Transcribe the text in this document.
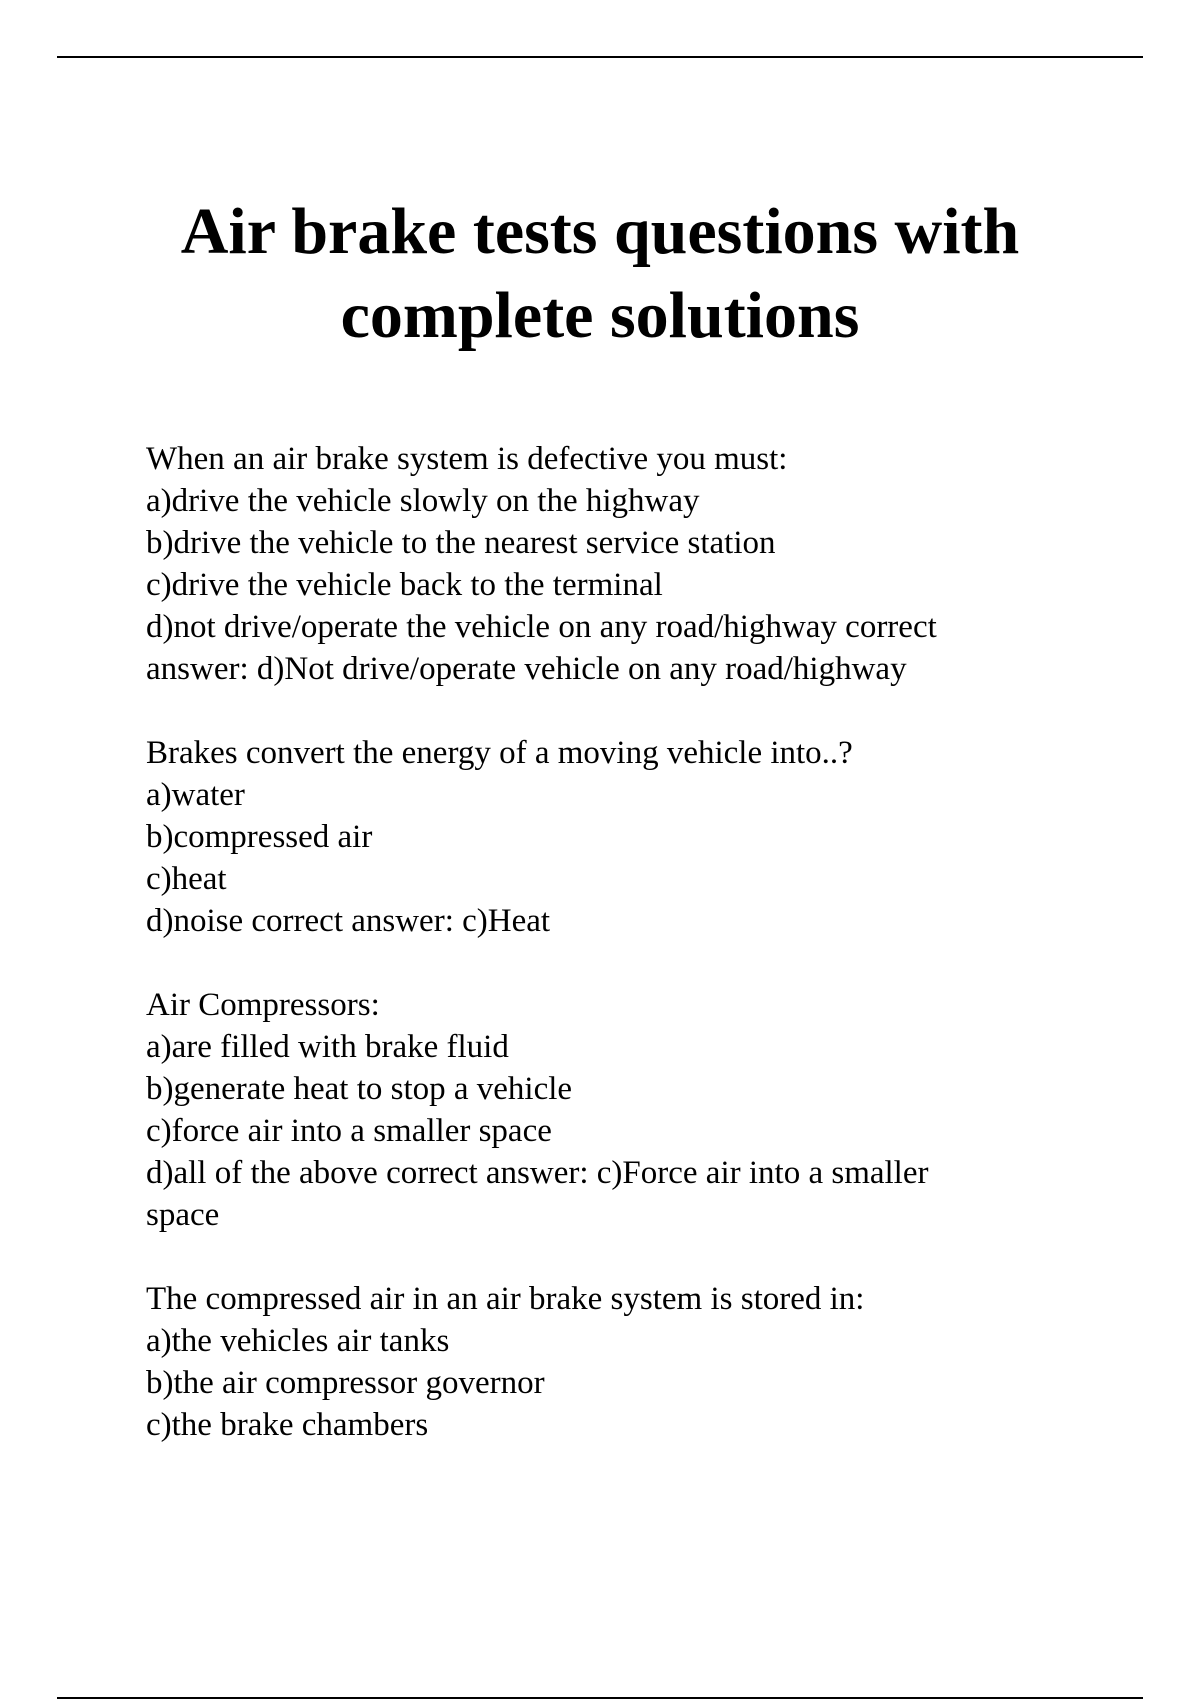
Air brake tests questions with
complete solutions
When an air brake system is defective you must:
a)drive the vehicle slowly on the highway
b)drive the vehicle to the nearest service station
c)drive the vehicle back to the terminal
d)not drive/operate the vehicle on any road/highway correct
answer: d)Not drive/operate vehicle on any road/highway
Brakes convert the energy of a moving vehicle into..?
a)water
b)compressed air
c)heat
d)noise correct answer: c)Heat
Air Compressors:
a)are filled with brake fluid
b)generate heat to stop a vehicle
c)force air into a smaller space
d)all of the above correct answer: c)Force air into a smaller
space
The compressed air in an air brake system is stored in:
a)the vehicles air tanks
b)the air compressor governor
c)the brake chambers
